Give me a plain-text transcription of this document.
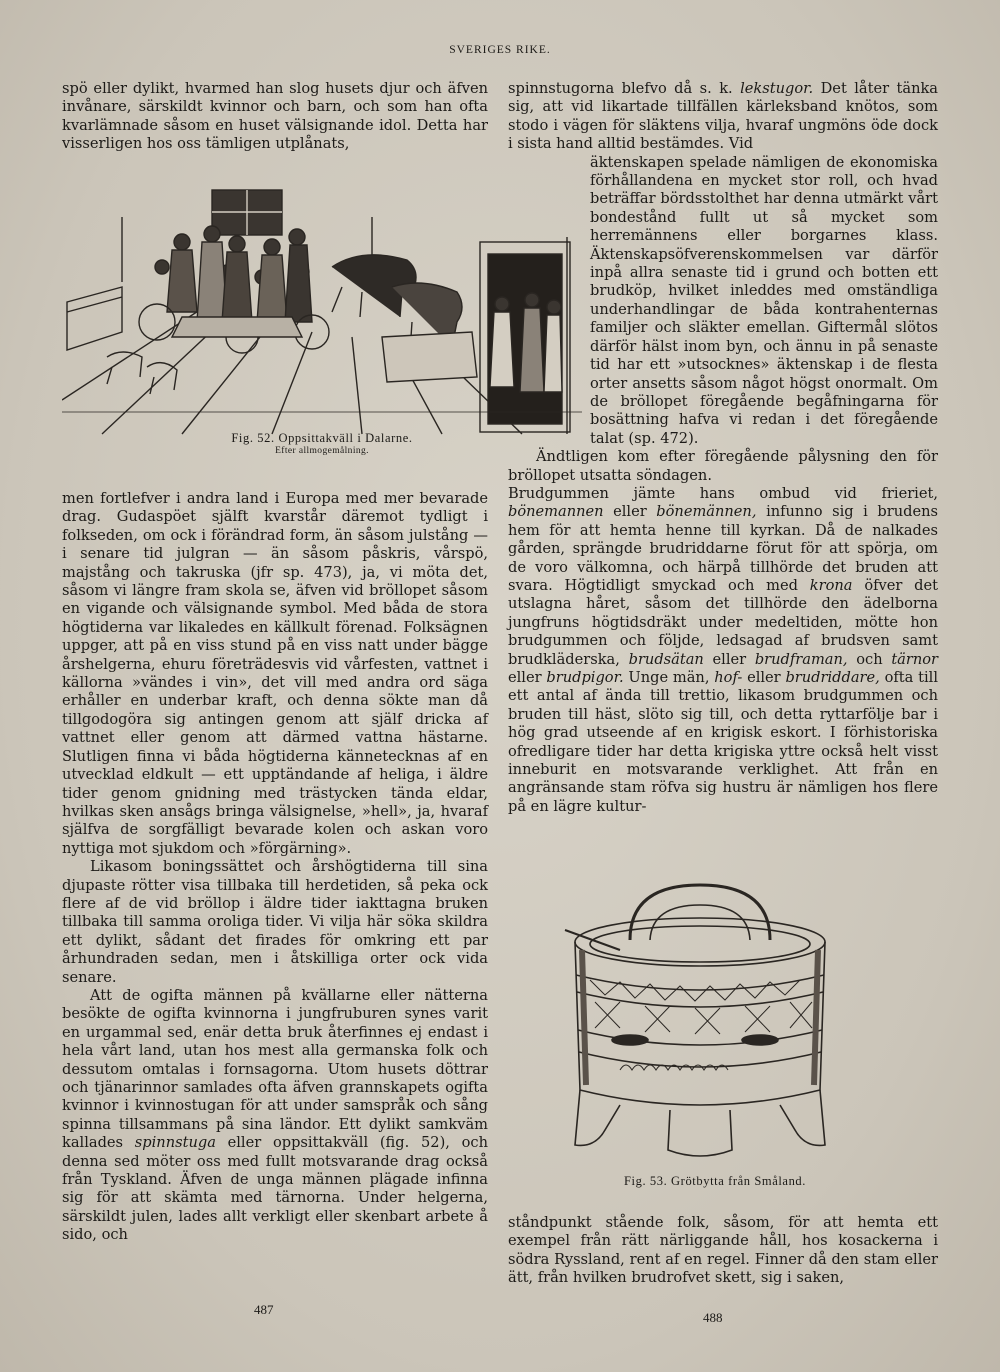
SVERIGES RIKE.

spö eller dylikt, hvarmed han slog husets djur och äfven invånare, särskildt kvinnor och barn, och som han ofta kvarlämnade såsom en huset välsignande idol. Detta har visserligen hos oss tämligen utplånats,

Fig. 52. Oppsittakväll i Dalarne.
Efter allmogemålning.

men fortlefver i andra land i Europa med mer bevarade drag. Gudaspöet själft kvarstår däremot tydligt i folkseden, om ock i förändrad form, än såsom julstång — i senare tid julgran — än såsom påskris, vårspö, majstång och takruska (jfr sp. 473), ja, vi möta det, såsom vi längre fram skola se, äfven vid bröllopet såsom en vigande och välsignande symbol. Med båda de stora högtiderna var likaledes en källkult förenad. Folksägnen uppger, att på en viss stund på en viss natt under bägge årshelgerna, ehuru företrädesvis vid vårfesten, vattnet i källorna »vändes i vin», det vill med andra ord säga erhåller en underbar kraft, och denna sökte man då tillgodogöra sig antingen genom att själf dricka af vattnet eller genom att därmed vattna hästarne. Slutligen finna vi båda högtiderna kännetecknas af en utvecklad eldkult — ett upptändande af heliga, i äldre tider genom gnidning med trästycken tända eldar, hvilkas sken ansågs bringa välsignelse, »hell», ja, hvaraf själfva de sorgfälligt bevarade kolen och askan voro nyttiga mot sjukdom och »förgärning».

Likasom boningssättet och årshögtiderna till sina djupaste rötter visa tillbaka till herdetiden, så peka ock flere af de vid bröllop i äldre tider iakttagna bruken tillbaka till samma oroliga tider. Vi vilja här söka skildra ett dylikt, sådant det firades för omkring ett par århundraden sedan, men i åtskilliga orter ock vida senare.

Att de ogifta männen på kvällarne eller nätterna besökte de ogifta kvinnorna i jungfruburen synes varit en urgammal sed, enär detta bruk återfinnes ej endast i hela vårt land, utan hos mest alla germanska folk och dessutom omtalas i fornsagorna. Utom husets döttrar och tjänarinnor samlades ofta äfven grannskapets ogifta kvinnor i kvinnostugan för att under samspråk och sång spinna tillsammans på sina ländor. Ett dylikt samkväm kallades spinnstuga eller oppsittakväll (fig. 52), och denna sed möter oss med fullt motsvarande drag också från Tyskland. Äfven de unga männen plägade infinna sig för att skämta med tärnorna. Under helgerna, särskildt julen, lades allt verkligt eller skenbart arbete å sido, och

487

spinnstugorna blefvo då s. k. lekstugor. Det låter tänka sig, att vid likartade tillfällen kärleksband knötos, som stodo i vägen för släktens vilja, hvaraf ungmöns öde dock i sista hand alltid bestämdes. Vid

äktenskapen spelade nämligen de ekonomiska förhållandena en mycket stor roll, och hvad beträffar bördsstolthet har denna utmärkt vårt bondestånd fullt ut så mycket som herremännens eller borgarnes klass. Äktenskapsöfverenskommelsen var därför inpå allra senaste tid i grund och botten ett brudköp, hvilket inleddes med omständliga underhandlingar de båda kontrahenternas familjer och släkter emellan. Giftermål slötos därför hälst inom byn, och ännu in på senaste tid har ett »utsocknes» äktenskap i de flesta orter ansetts såsom något högst onormalt. Om de bröllopet föregående begåfningarna för bosättning hafva vi redan i det föregående talat (sp. 472).

Ändtligen kom efter föregående pålysning den för bröllopet utsatta söndagen.

Brudgummen jämte hans ombud vid frieriet, bönemannen eller bönemännen, infunno sig i brudens hem för att hemta henne till kyrkan. Då de nalkades gården, sprängde brudriddarne förut för att spörja, om de voro välkomna, och härpå tillhörde det bruden att svara. Högtidligt smyckad och med krona öfver det utslagna håret, såsom det tillhörde den ädelborna jungfruns högtidsdräkt under medeltiden, mötte hon brudgummen och följde, ledsagad af brudsven samt brudkläderska, brudsätan eller brudframan, och tärnor eller brudpigor. Unge män, hof- eller brudriddare, ofta till ett antal af ända till trettio, likasom brudgummen och bruden till häst, slöto sig till, och detta ryttarfölje bar i hög grad utseende af en krigisk eskort. I förhistoriska ofredligare tider har detta krigiska yttre också helt visst inneburit en motsvarande verklighet. Att från en angränsande stam röfva sig hustru är nämligen hos flere på en lägre kultur-

Fig. 53. Grötbytta från Småland.

ståndpunkt stående folk, såsom, för att hemta ett exempel från rätt närliggande håll, hos kosackerna i södra Ryssland, rent af en regel. Finner då den stam eller ätt, från hvilken brudrofvet skett, sig i saken,

488
